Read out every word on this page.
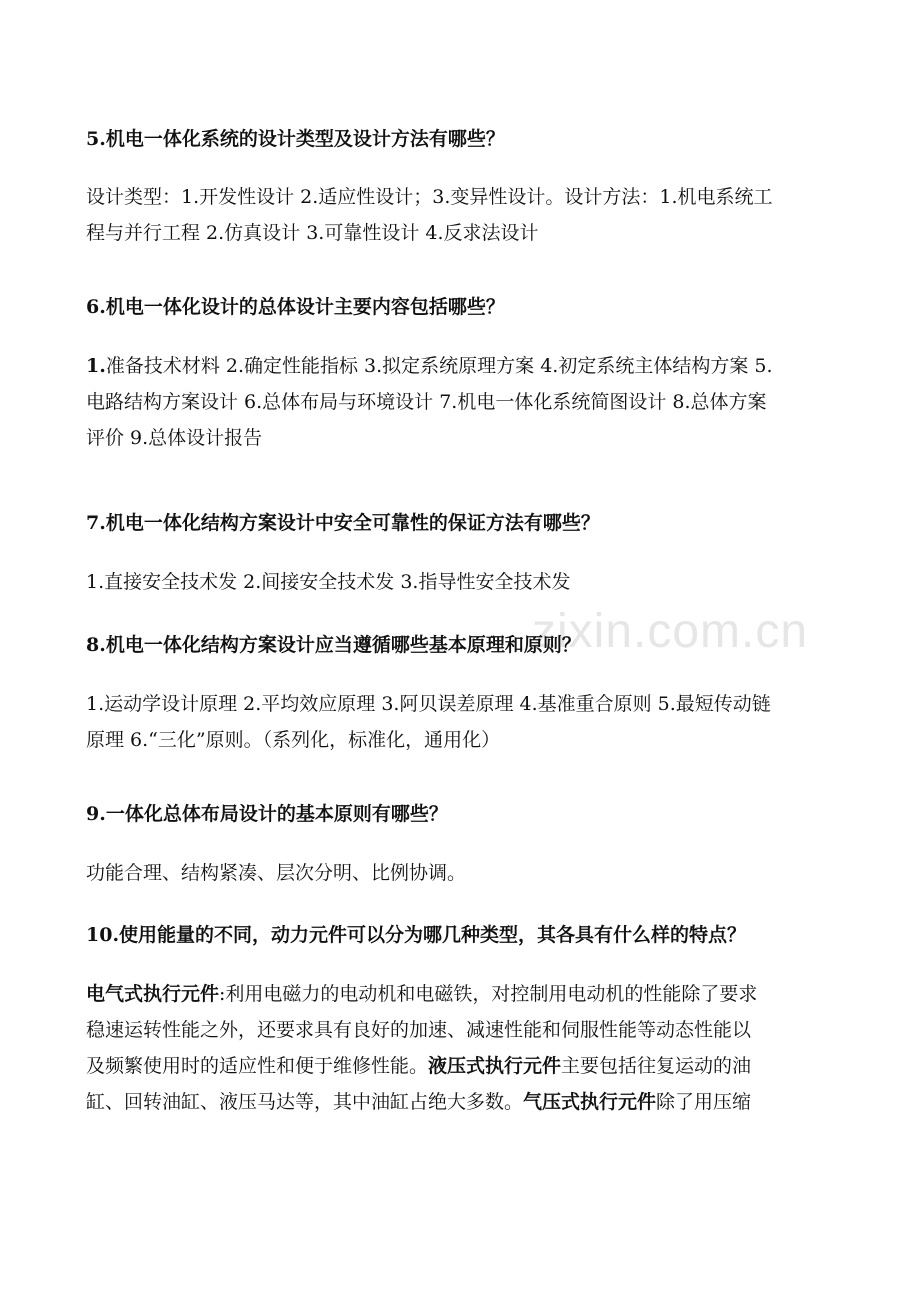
zixin.com.cn
5.机电一体化系统的设计类型及设计方法有哪些？
设计类型：1.开发性设计 2.适应性设计；3.变异性设计。设计方法：1.机电系统工
程与并行工程 2.仿真设计 3.可靠性设计 4.反求法设计
6.机电一体化设计的总体设计主要内容包括哪些？
1.准备技术材料 2.确定性能指标 3.拟定系统原理方案 4.初定系统主体结构方案 5.
电路结构方案设计 6.总体布局与环境设计 7.机电一体化系统简图设计 8.总体方案
评价 9.总体设计报告
7.机电一体化结构方案设计中安全可靠性的保证方法有哪些？
1.直接安全技术发 2.间接安全技术发 3.指导性安全技术发
8.机电一体化结构方案设计应当遵循哪些基本原理和原则？
1.运动学设计原理 2.平均效应原理 3.阿贝误差原理 4.基准重合原则 5.最短传动链
原理 6.“三化”原则。（系列化，标准化，通用化）
9.一体化总体布局设计的基本原则有哪些？
功能合理、结构紧凑、层次分明、比例协调。
10.使用能量的不同，动力元件可以分为哪几种类型，其各具有什么样的特点？
电气式执行元件:利用电磁力的电动机和电磁铁，对控制用电动机的性能除了要求
稳速运转性能之外，还要求具有良好的加速、减速性能和伺服性能等动态性能以
及频繁使用时的适应性和便于维修性能。液压式执行元件主要包括往复运动的油
缸、回转油缸、液压马达等，其中油缸占绝大多数。气压式执行元件除了用压缩
